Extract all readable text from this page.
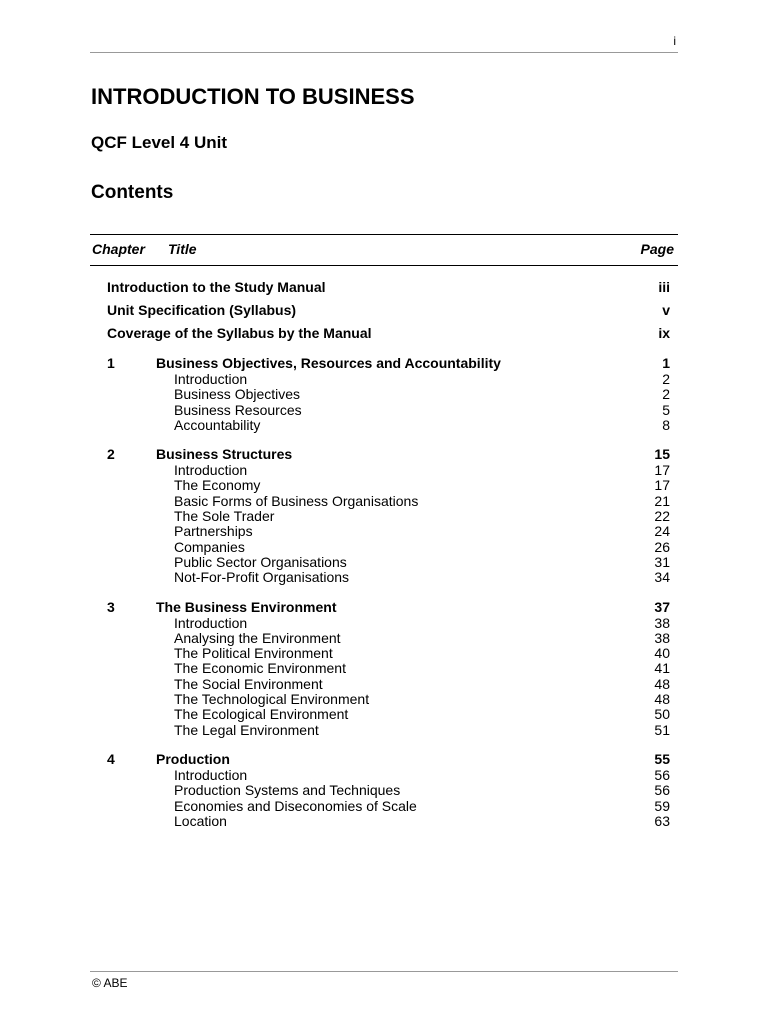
i
INTRODUCTION TO BUSINESS
QCF Level 4 Unit
Contents
Chapter Title	Page
Introduction to the Study Manual	iii
Unit Specification (Syllabus)	v
Coverage of the Syllabus by the Manual	ix
1	Business Objectives, Resources and Accountability	1
Introduction	2
Business Objectives	2
Business Resources	5
Accountability	8
2	Business Structures	15
Introduction	17
The Economy	17
Basic Forms of Business Organisations	21
The Sole Trader	22
Partnerships	24
Companies	26
Public Sector Organisations	31
Not-For-Profit Organisations	34
3	The Business Environment	37
Introduction	38
Analysing the Environment	38
The Political Environment	40
The Economic Environment	41
The Social Environment	48
The Technological Environment	48
The Ecological Environment	50
The Legal Environment	51
4	Production	55
Introduction	56
Production Systems and Techniques	56
Economies and Diseconomies of Scale	59
Location	63
© ABE
